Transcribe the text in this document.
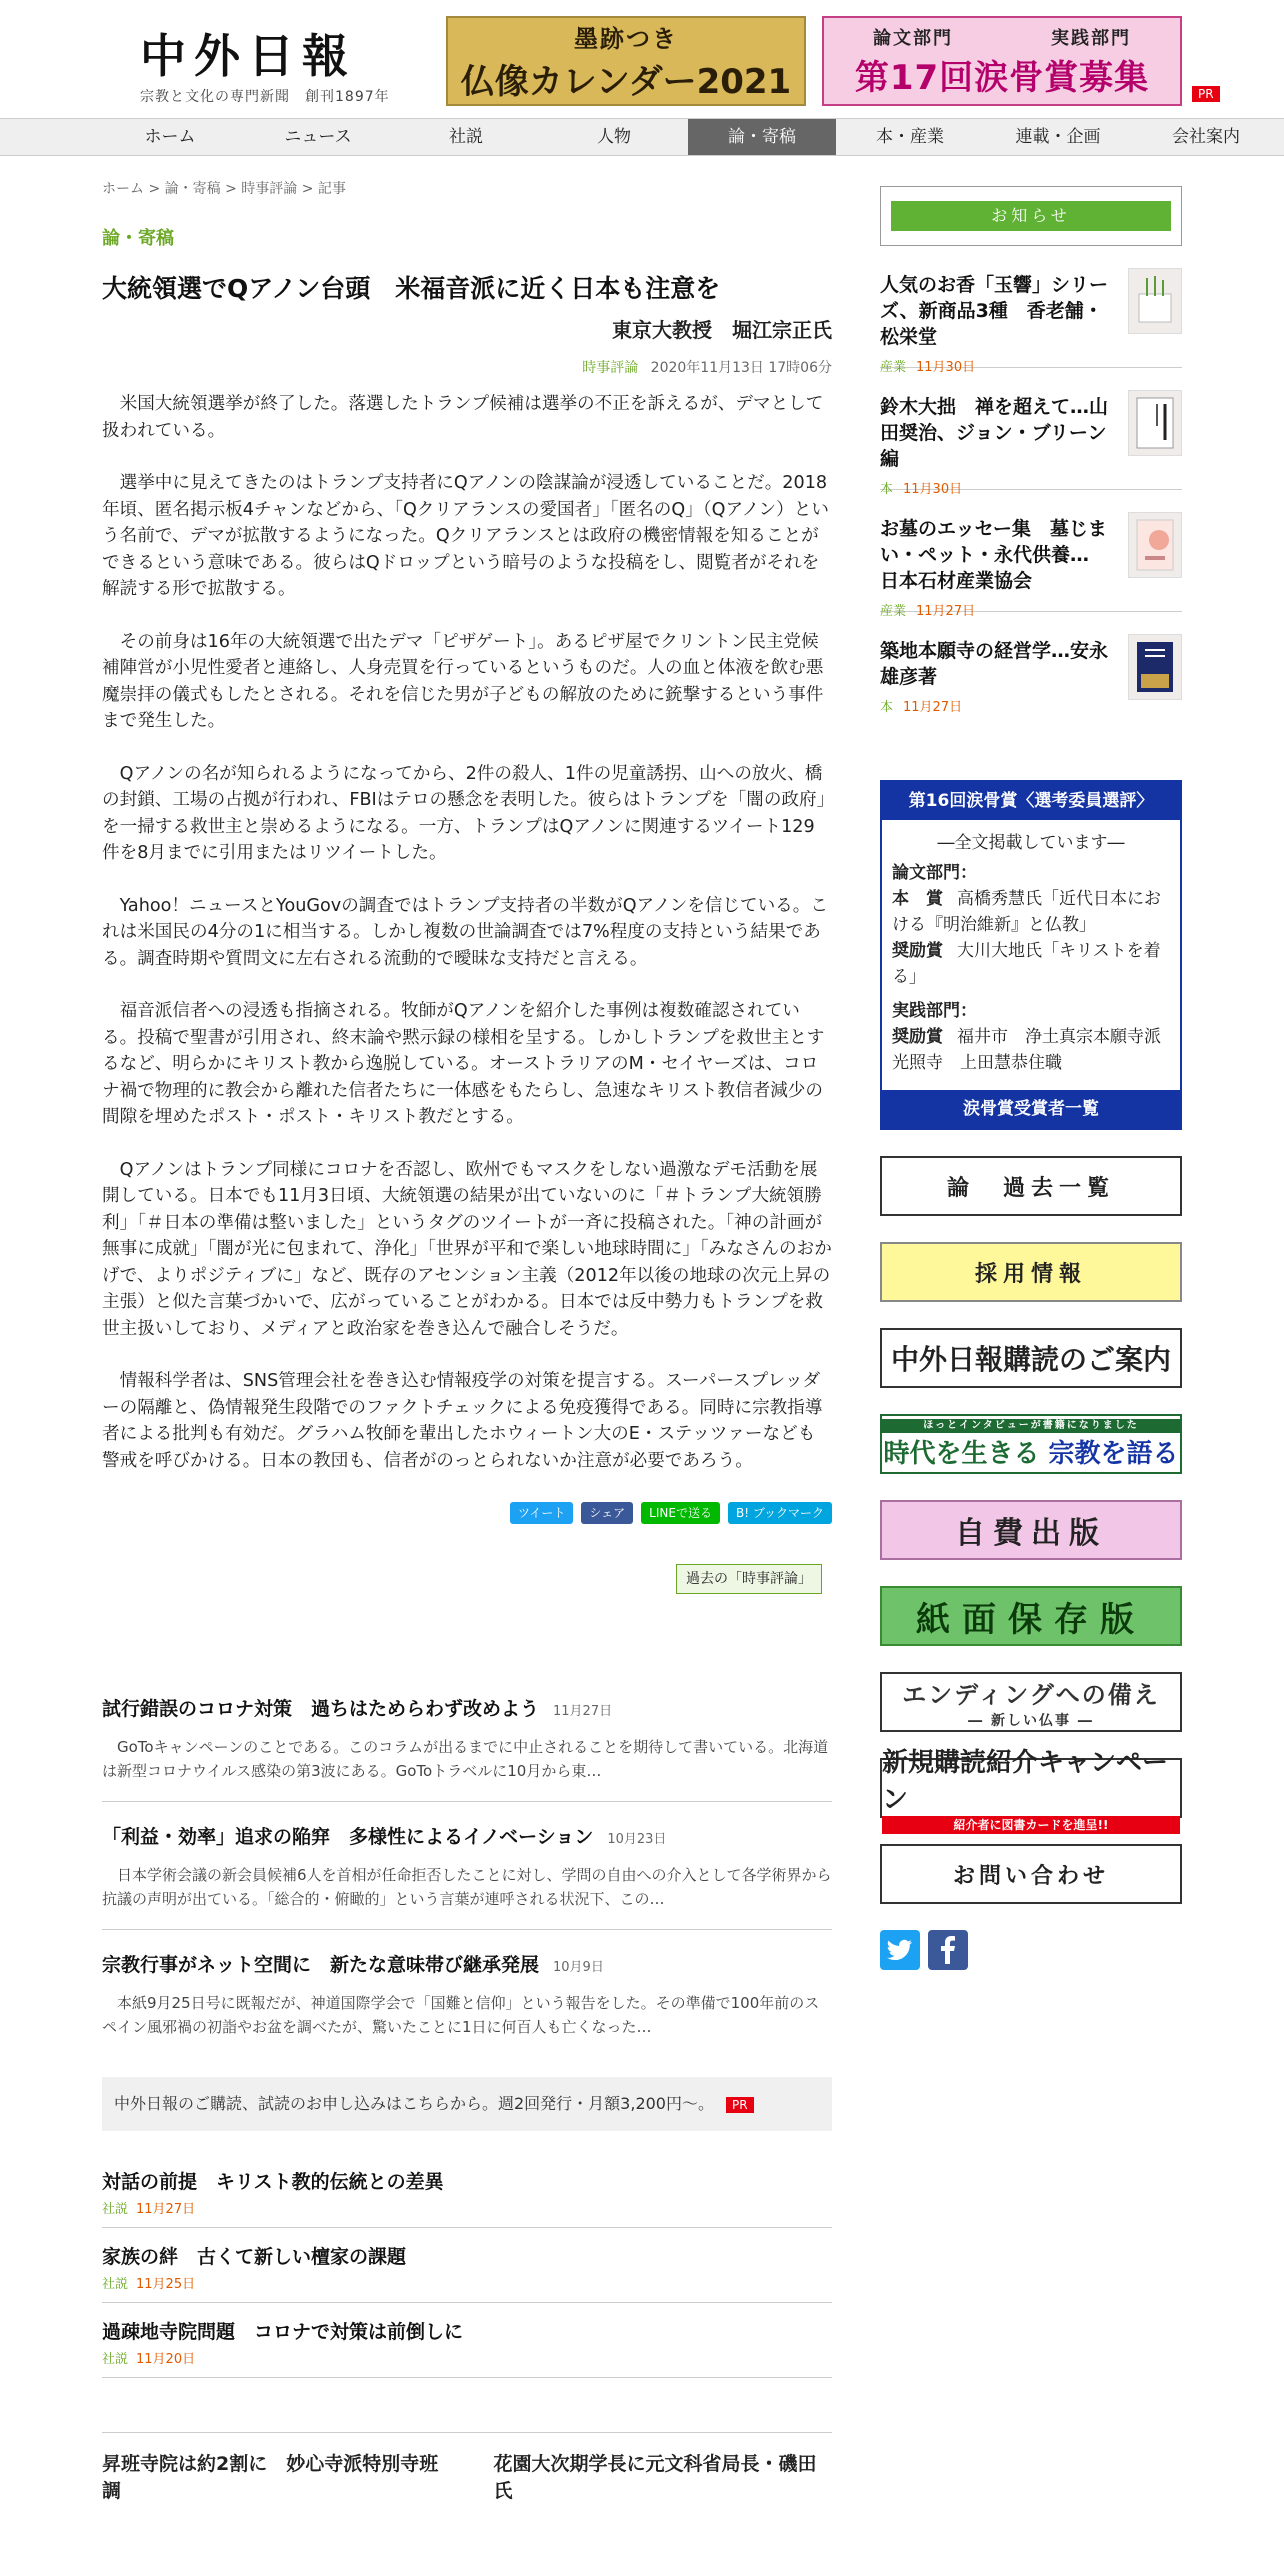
中外日報
宗教と文化の専門新聞　創刊1897年
墨跡つき
仏像カレンダー2021
論文部門	実践部門
第17回涙骨賞募集	PR
ホーム	ニュース	社説	人物	論・寄稿	本・産業	連載・企画	会社案内
ホーム > 論・寄稿 > 時事評論 > 記事
論・寄稿
大統領選でQアノン台頭　米福音派に近く日本も注意を
東京大教授　堀江宗正氏
時事評論 2020年11月13日 17時06分

米国大統領選挙が終了した。落選したトランプ候補は選挙の不正を訴えるが、デマとして扱われている。

選挙中に見えてきたのはトランプ支持者にQアノンの陰謀論が浸透していることだ。2018年頃、匿名掲示板4チャンなどから、「Qクリアランスの愛国者」「匿名のQ」（Qアノン）という名前で、デマが拡散するようになった。Qクリアランスとは政府の機密情報を知ることができるという意味である。彼らはQドロップという暗号のような投稿をし、閲覧者がそれを解読する形で拡散する。

その前身は16年の大統領選で出たデマ「ピザゲート」。あるピザ屋でクリントン民主党候補陣営が小児性愛者と連絡し、人身売買を行っているというものだ。人の血と体液を飲む悪魔崇拝の儀式もしたとされる。それを信じた男が子どもの解放のために銃撃するという事件まで発生した。

Qアノンの名が知られるようになってから、2件の殺人、1件の児童誘拐、山への放火、橋の封鎖、工場の占拠が行われ、FBIはテロの懸念を表明した。彼らはトランプを「闇の政府」を一掃する救世主と崇めるようになる。一方、トランプはQアノンに関連するツイート129件を8月までに引用またはリツイートした。

Yahoo！ニュースとYouGovの調査ではトランプ支持者の半数がQアノンを信じている。これは米国民の4分の1に相当する。しかし複数の世論調査では7%程度の支持という結果である。調査時期や質問文に左右される流動的で曖昧な支持だと言える。

福音派信者への浸透も指摘される。牧師がQアノンを紹介した事例は複数確認されている。投稿で聖書が引用され、終末論や黙示録の様相を呈する。しかしトランプを救世主とするなど、明らかにキリスト教から逸脱している。オーストラリアのM・セイヤーズは、コロナ禍で物理的に教会から離れた信者たちに一体感をもたらし、急速なキリスト教信者減少の間隙を埋めたポスト・ポスト・キリスト教だとする。

Qアノンはトランプ同様にコロナを否認し、欧州でもマスクをしない過激なデモ活動を展開している。日本でも11月3日頃、大統領選の結果が出ていないのに「＃トランプ大統領勝利」「＃日本の準備は整いました」というタグのツイートが一斉に投稿された。「神の計画が無事に成就」「闇が光に包まれて、浄化」「世界が平和で楽しい地球時間に」「みなさんのおかげで、よりポジティブに」など、既存のアセンション主義（2012年以後の地球の次元上昇の主張）と似た言葉づかいで、広がっていることがわかる。日本では反中勢力もトランプを救世主扱いしており、メディアと政治家を巻き込んで融合しそうだ。

情報科学者は、SNS管理会社を巻き込む情報疫学の対策を提言する。スーパースプレッダーの隔離と、偽情報発生段階でのファクトチェックによる免疫獲得である。同時に宗教指導者による批判も有効だ。グラハム牧師を輩出したホウィートン大のE・ステッツァーなども警戒を呼びかける。日本の教団も、信者がのっとられないか注意が必要であろう。

ツイート	シェア	LINEで送る	B! ブックマーク
過去の「時事評論」
試行錯誤のコロナ対策　過ちはためらわず改めよう 11月27日
GoToキャンペーンのことである。このコラムが出るまでに中止されることを期待して書いている。北海道は新型コロナウイルス感染の第3波にある。GoToトラベルに10月から東…
「利益・効率」追求の陥穽　多様性によるイノベーション 10月23日
日本学術会議の新会員候補6人を首相が任命拒否したことに対し、学問の自由への介入として各学術界から抗議の声明が出ている。「総合的・俯瞰的」という言葉が連呼される状況下、この…
宗教行事がネット空間に　新たな意味帯び継承発展 10月9日
本紙9月25日号に既報だが、神道国際学会で「国難と信仰」という報告をした。その準備で100年前のスペイン風邪禍の初詣やお盆を調べたが、驚いたことに1日に何百人も亡くなった…
中外日報のご購読、試読のお申し込みはこちらから。週2回発行・月額3,200円〜。 PR
対話の前提　キリスト教的伝統との差異
社説 11月27日
家族の絆　古くて新しい檀家の課題
社説 11月25日
過疎地寺院問題　コロナで対策は前倒しに
社説 11月20日
昇班寺院は約2割に　妙心寺派特別寺班調
花園大次期学長に元文科省局長・磯田氏
お知らせ
人気のお香「玉響」シリーズ、新商品3種　香老舗・松栄堂
産業 11月30日
鈴木大拙　禅を超えて…山田奨治、ジョン・ブリーン編
本 11月30日
お墓のエッセー集　墓じまい・ペット・永代供養…　日本石材産業協会
産業 11月27日
築地本願寺の経営学…安永雄彦著
本 11月27日
第16回涙骨賞〈選考委員選評〉
―全文掲載しています―
論文部門：
本　賞 高橋秀慧氏「近代日本における『明治維新』と仏教」
奨励賞 大川大地氏「キリストを着る」
実践部門：
奨励賞 福井市　浄土真宗本願寺派光照寺　上田慧恭住職
涙骨賞受賞者一覧
論　過去一覧
採用情報
中外日報購読のご案内
ほっとインタビューが書籍になりました
時代を生きる 宗教を語る
自費出版
紙面保存版
エンディングへの備え
― 新しい仏事 ―
新規購読紹介キャンペーン
紹介者に図書カードを進呈!!
お問い合わせ
